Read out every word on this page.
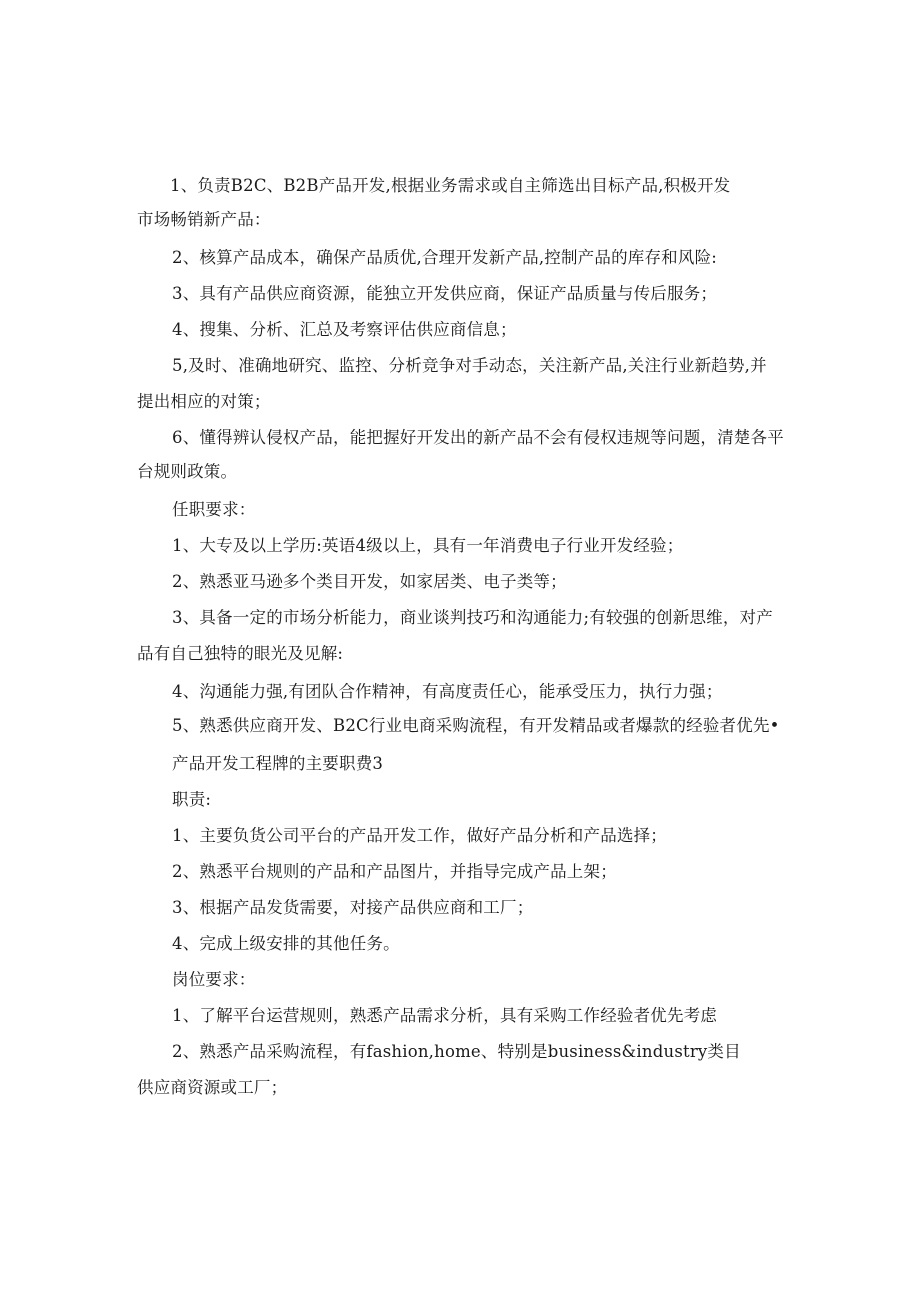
1、负责B2C、B2B产品开发,根据业务需求或自主筛选出目标产品,积极开发
市场畅销新产品：
2、核算产品成本，确保产品质优,合理开发新产品,控制产品的库存和风险:
3、具有产品供应商资源，能独立开发供应商，保证产品质量与传后服务；
4、搜集、分析、汇总及考察评估供应商信息；
5,及时、准确地研究、监控、分析竞争对手动态，关注新产品,关注行业新趋势,并
提出相应的对策；
6、懂得辨认侵权产品，能把握好开发出的新产品不会有侵权违规等问题，清楚各平
台规则政策。
任职要求：
1、大专及以上学历:英语4级以上，具有一年消费电子行业开发经验；
2、熟悉亚马逊多个类目开发，如家居类、电子类等；
3、具备一定的市场分析能力，商业谈判技巧和沟通能力;有较强的创新思维，对产
品有自己独特的眼光及见解:
4、沟通能力强,有团队合作精神，有高度责任心，能承受压力，执行力强；
5、熟悉供应商开发、B2C行业电商采购流程，有开发精品或者爆款的经验者优先•
产品开发工程牌的主要职费3
职责:
1、主要负货公司平台的产品开发工作，做好产品分析和产品选择；
2、熟悉平台规则的产品和产品图片，并指导完成产品上架；
3、根据产品发货需要，对接产品供应商和工厂；
4、完成上级安排的其他任务。
岗位要求：
1、了解平台运营规则，熟悉产品需求分析，具有采购工作经验者优先考虑
2、熟悉产品采购流程，有fashion,home、特别是business&industry类目
供应商资源或工厂；
